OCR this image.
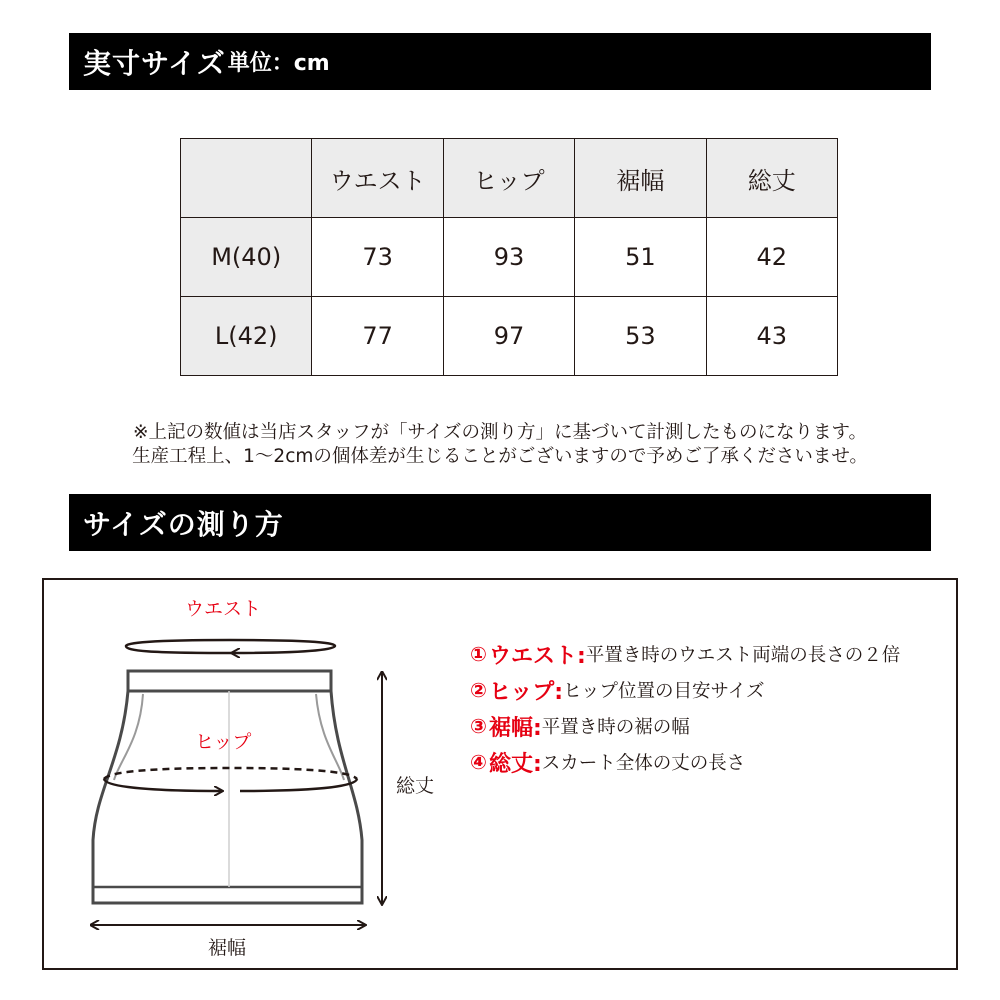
実寸サイズ 単位：cm
	ウエスト	ヒップ	裾幅	総丈
M(40)	73	93	51	42
L(42)	77	97	53	43
※上記の数値は当店スタッフが「サイズの測り方」に基づいて計測したものになります。
生産工程上、1〜2cmの個体差が生じることがございますので予めご了承くださいませ。
サイズの測り方
ウエスト
ヒップ
総丈
裾幅
① ウエスト: 平置き時のウエスト両端の長さの２倍
② ヒップ: ヒップ位置の目安サイズ
③ 裾幅: 平置き時の裾の幅
④ 総丈: スカート全体の丈の長さ
